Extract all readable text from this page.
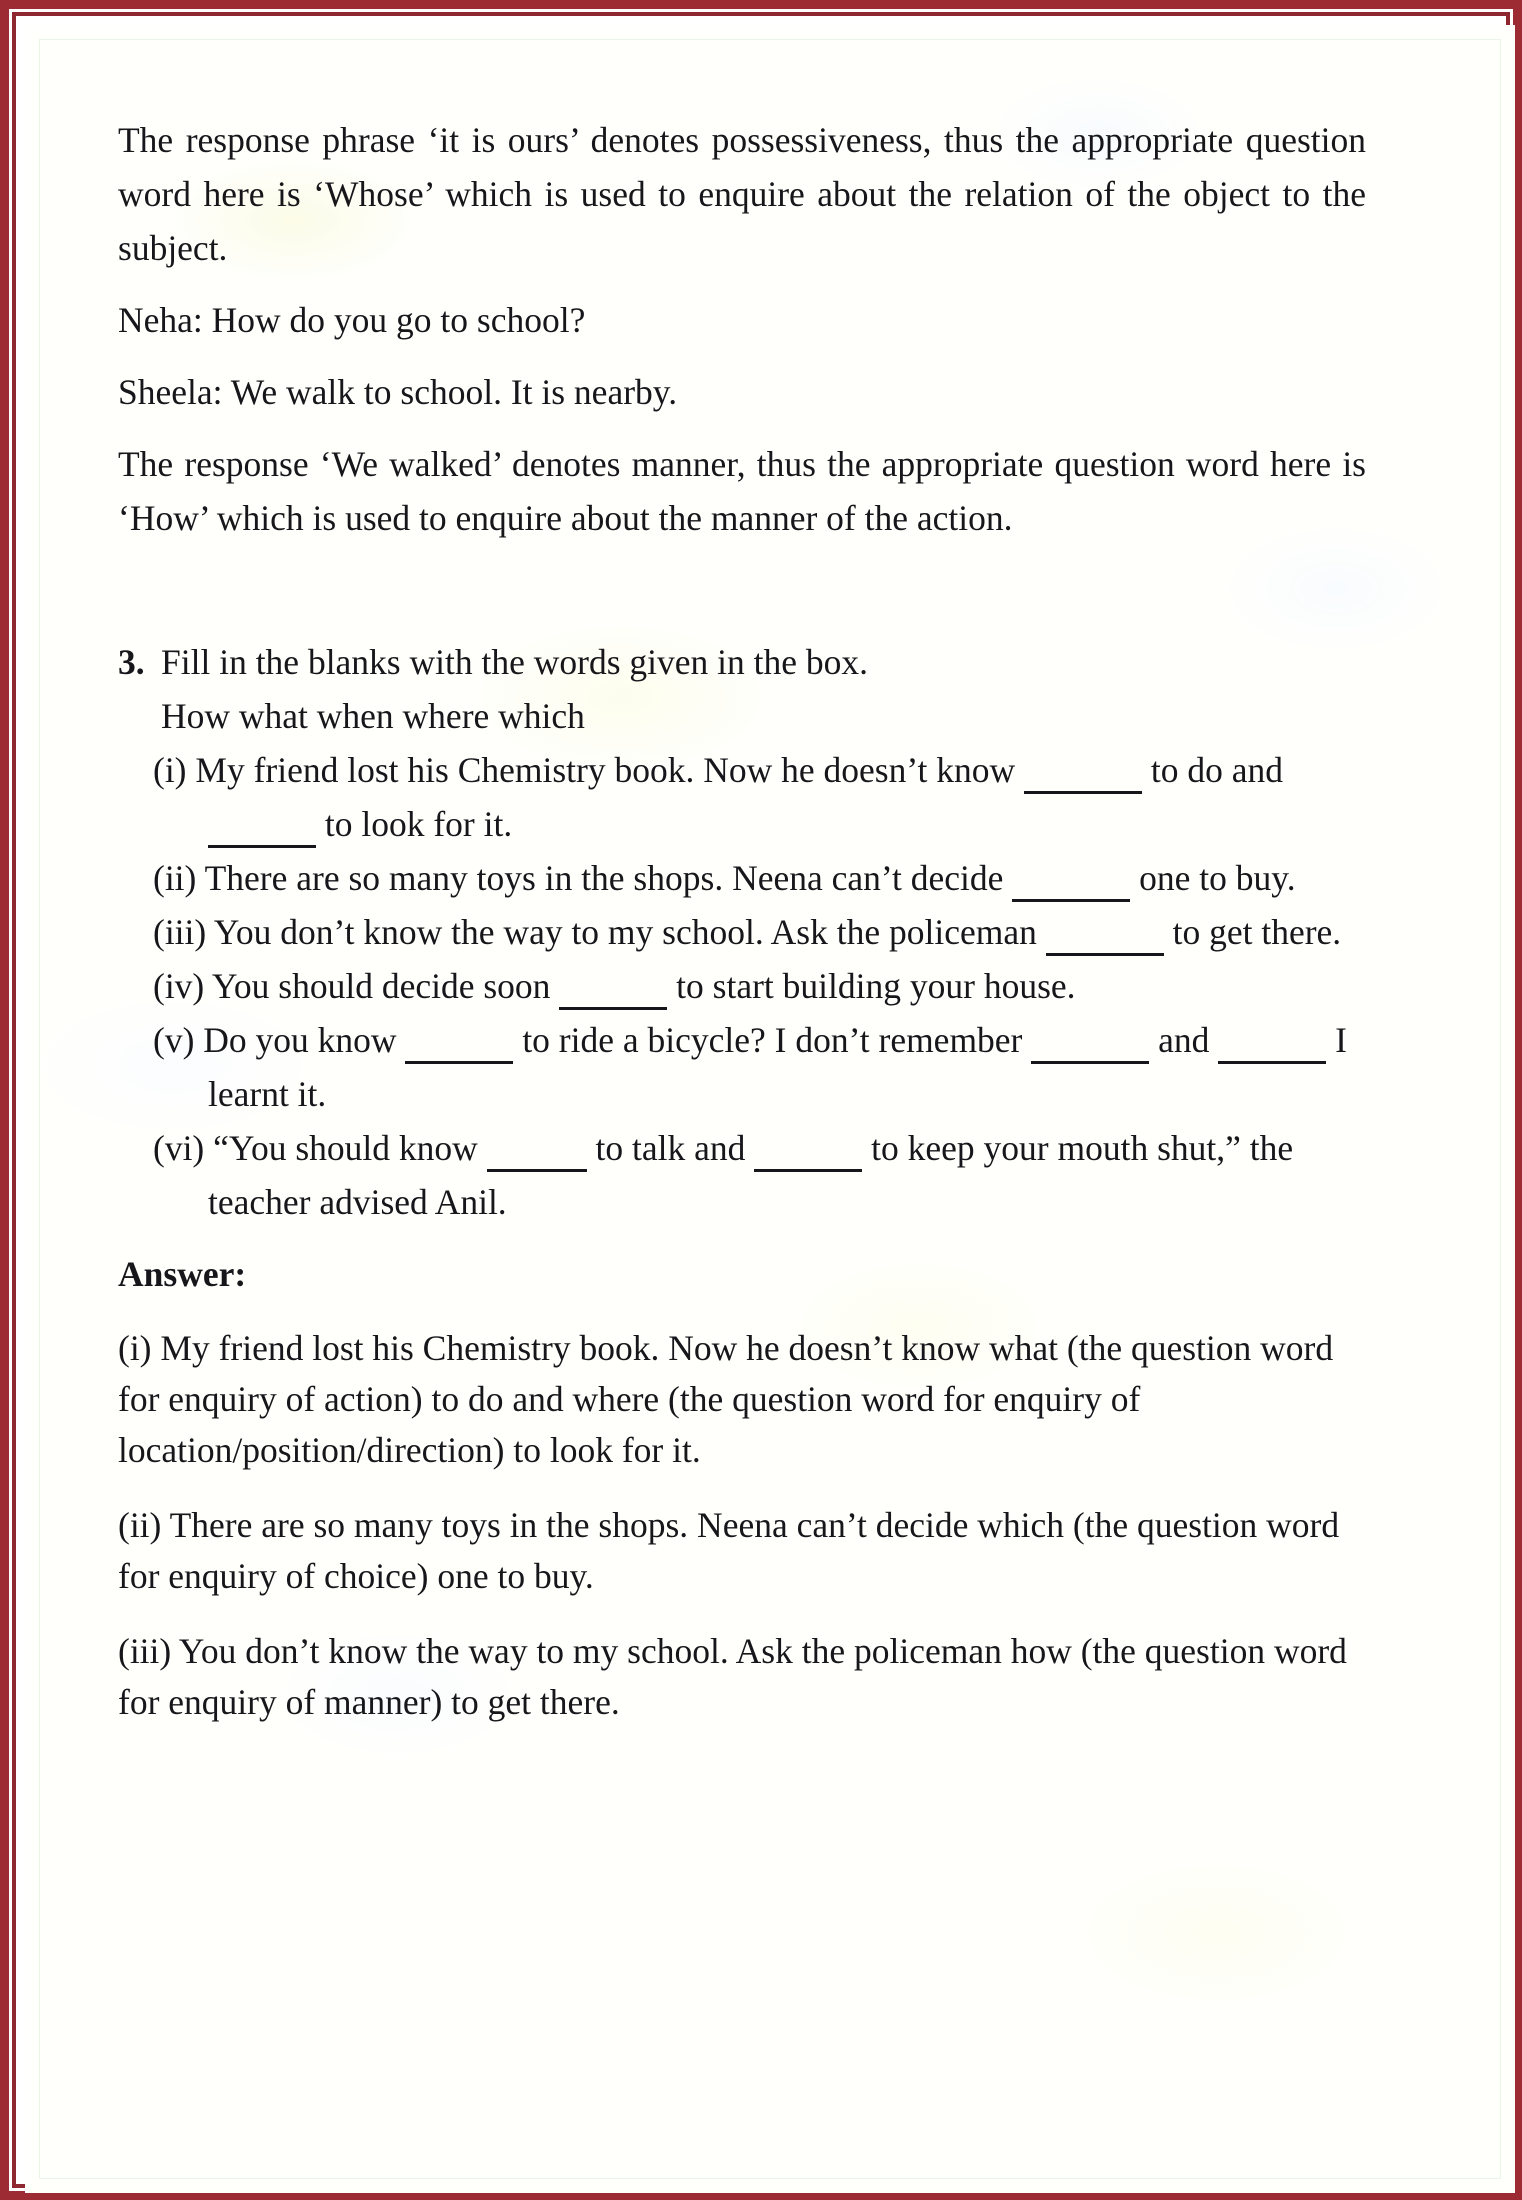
The response phrase ‘it is ours’ denotes possessiveness, thus the appropriate question word here is ‘Whose’ which is used to enquire about the relation of the object to the subject.

Neha: How do you go to school?

Sheela: We walk to school. It is nearby.

The response ‘We walked’ denotes manner, thus the appropriate question word here is ‘How’ which is used to enquire about the manner of the action.

3. Fill in the blanks with the words given in the box.

How what when where which

(i) My friend lost his Chemistry book. Now he doesn’t know	to do and  to look for it.
(ii) There are so many toys in the shops. Neena can’t decide	one to buy.
(iii) You don’t know the way to my school. Ask the policeman	to get there.
(iv) You should decide soon	to start building your house.
(v) Do you know	to ride a bicycle? I don’t remember	and	I learnt it.
(vi) “You should know	to talk and	to keep your mouth shut,” the teacher advised Anil.
Answer:

(i) My friend lost his Chemistry book. Now he doesn’t know what (the question word for enquiry of action) to do and where (the question word for enquiry of location/position/direction) to look for it.

(ii) There are so many toys in the shops. Neena can’t decide which (the question word for enquiry of choice) one to buy.

(iii) You don’t know the way to my school. Ask the policeman how (the question word for enquiry of manner) to get there.
